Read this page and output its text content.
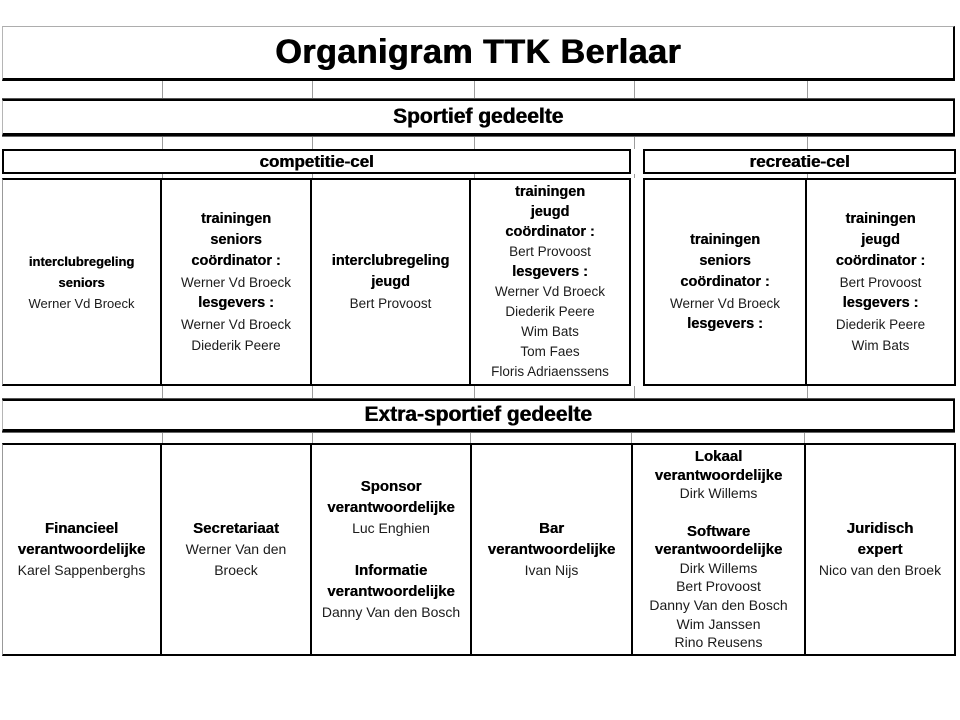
Organigram TTK Berlaar
Sportief gedeelte
competitie-cel	recreatie-cel
interclubregeling
seniors
Werner Vd Broeck
trainingen
seniors
coördinator :
Werner Vd Broeck
lesgevers :
Werner Vd Broeck
Diederik Peere
interclubregeling
jeugd
Bert Provoost
trainingen
jeugd
coördinator :
Bert Provoost
lesgevers :
Werner Vd Broeck
Diederik Peere
Wim Bats
Tom Faes
Floris Adriaenssens
trainingen
seniors
coördinator :
Werner Vd Broeck
lesgevers :
trainingen
jeugd
coördinator :
Bert Provoost
lesgevers :
Diederik Peere
Wim Bats
Extra-sportief gedeelte
Financieel
verantwoordelijke
Karel Sappenberghs
Secretariaat
Werner Van den
Broeck
Sponsor
verantwoordelijke
Luc Enghien

Informatie
verantwoordelijke
Danny Van den Bosch
Bar
verantwoordelijke
Ivan Nijs
Lokaal
verantwoordelijke
Dirk Willems

Software
verantwoordelijke
Dirk Willems
Bert Provoost
Danny Van den Bosch
Wim Janssen
Rino Reusens
Juridisch  expert
Nico van den Broek
